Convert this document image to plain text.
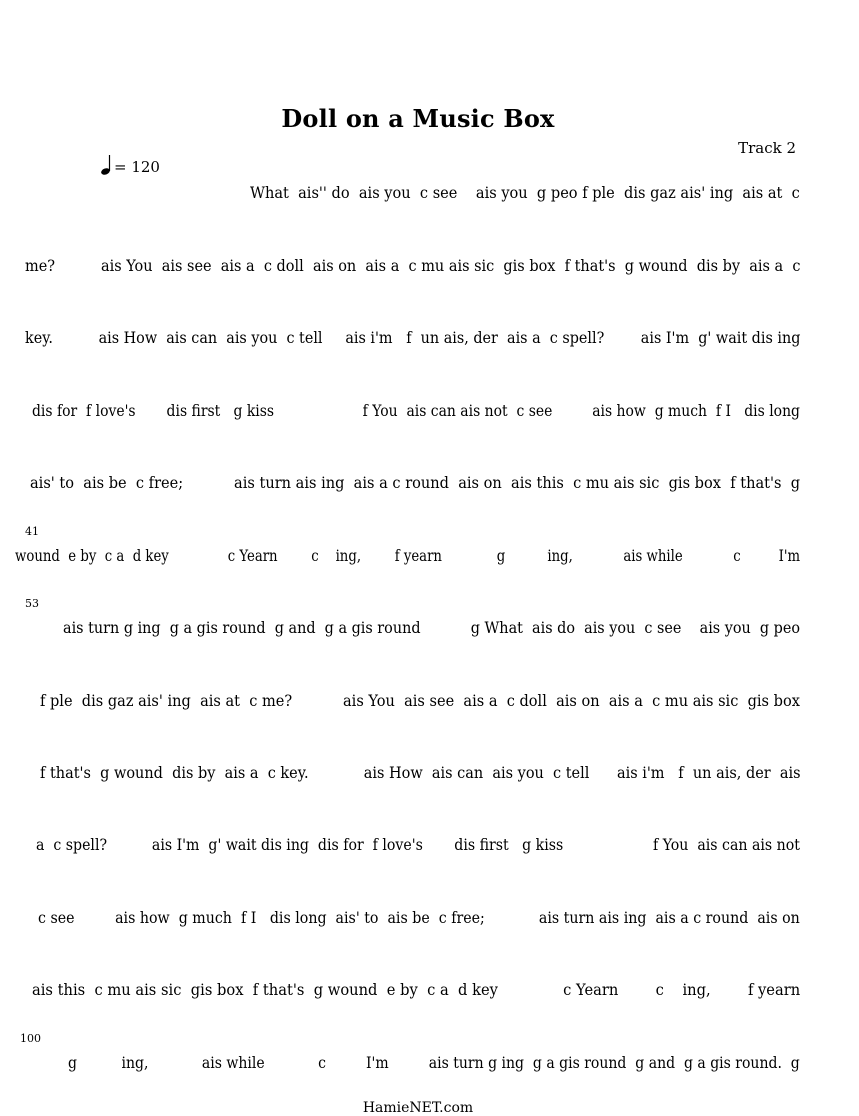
Doll on a Music Box
Track 2
= 120
What  ais'' do  ais you  c see    ais you  g peo f ple  dis gaz ais' ing  ais at  c
me?          ais You  ais see  ais a  c doll  ais on  ais a  c mu ais sic  gis box  f that's  g wound  dis by  ais a  c
key.          ais How  ais can  ais you  c tell     ais i'm   f  un ais, der  ais a  c spell?        ais I'm  g' wait dis ing
dis for  f love's       dis first   g kiss                    f You  ais can ais not  c see         ais how  g much  f I   dis long
ais' to  ais be  c free;           ais turn ais ing  ais a c round  ais on  ais this  c mu ais sic  gis box  f that's  g
wound  e by  c a  d key              c Yearn        c    ing,        f yearn             g          ing,            ais while            c         I'm
41
ais turn g ing  g a gis round  g and  g a gis round           g What  ais do  ais you  c see    ais you  g peo
53
f ple  dis gaz ais' ing  ais at  c me?           ais You  ais see  ais a  c doll  ais on  ais a  c mu ais sic  gis box
f that's  g wound  dis by  ais a  c key.            ais How  ais can  ais you  c tell      ais i'm   f  un ais, der  ais
a  c spell?          ais I'm  g' wait dis ing  dis for  f love's       dis first   g kiss                    f You  ais can ais not
c see         ais how  g much  f I   dis long  ais' to  ais be  c free;            ais turn ais ing  ais a c round  ais on
ais this  c mu ais sic  gis box  f that's  g wound  e by  c a  d key              c Yearn        c    ing,        f yearn
g          ing,            ais while            c         I'm         ais turn g ing  g a gis round  g and  g a gis round.  g
100
HamieNET.com
